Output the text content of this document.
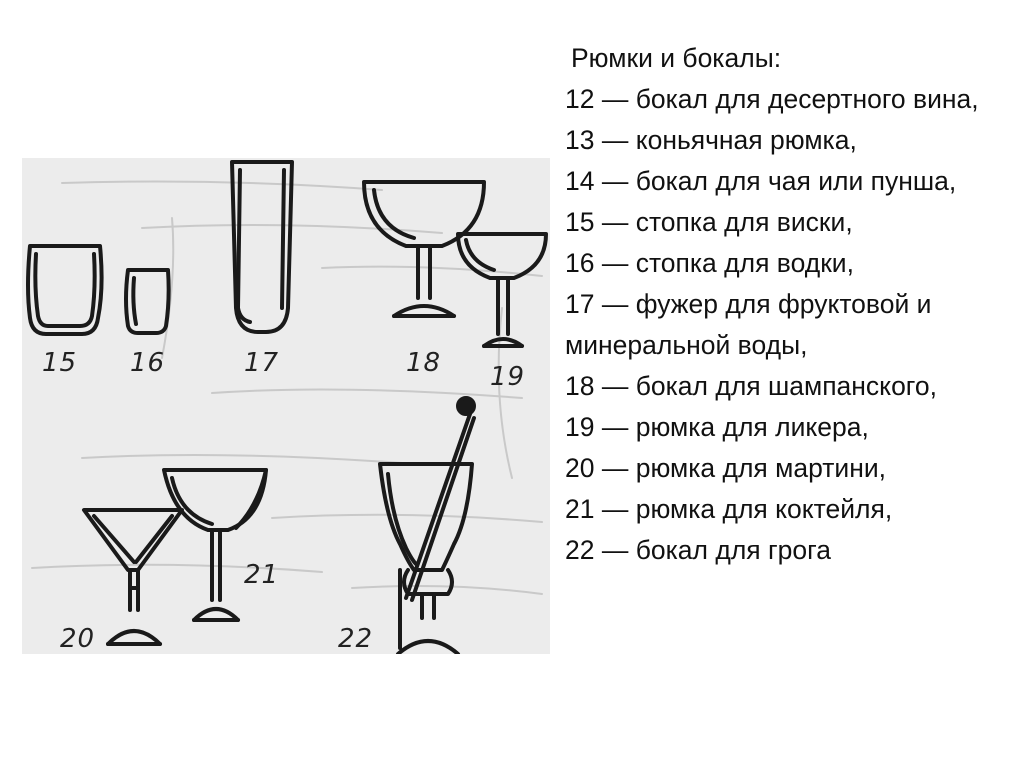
15 16	17	18 19
20
21
22
Рюмки и бокалы:
12 — бокал для десертного вина,
13 — коньячная рюмка,
14 — бокал для чая или пунша,
15 — стопка для виски,
16 — стопка для водки,
17 — фужер для фруктовой и минеральной воды,
18 — бокал для шампанского,
19 — рюмка для ликера,
20 — рюмка для мартини,
21 — рюмка для коктейля,
22 — бокал для грога
